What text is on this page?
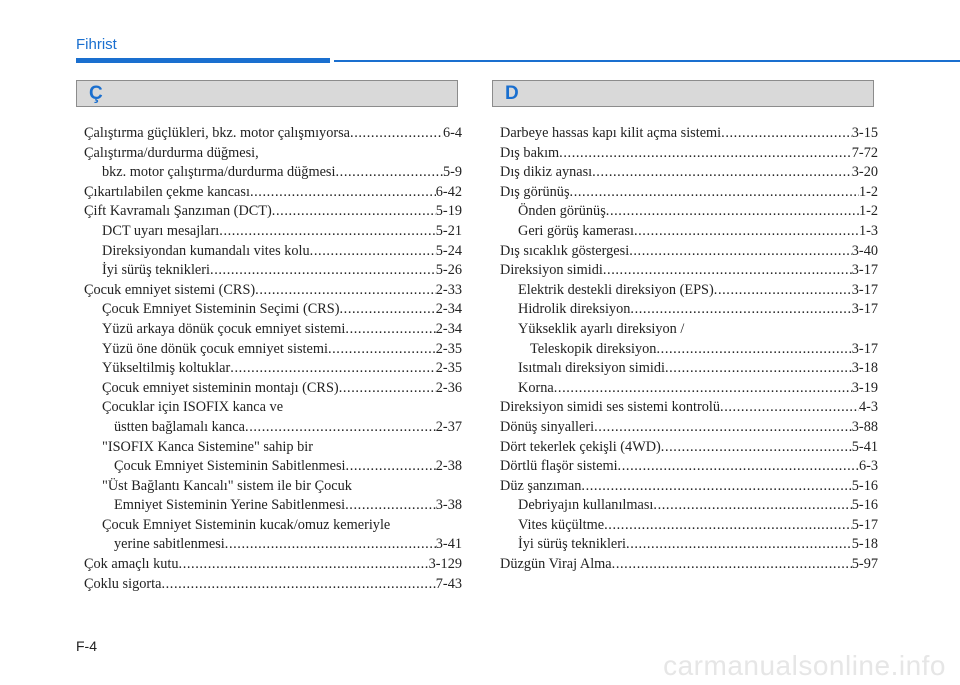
Fihrist
Ç	D
Çalıştırma güçlükleri, bkz. motor çalışmıyorsa .....	6-4
Çalıştırma/durdurma düğmesi,
bkz. motor çalıştırma/durdurma düğmesi .....	5-9
Çıkartılabilen çekme kancası .....	6-42
Çift Kavramalı Şanzıman (DCT) .....	5-19
DCT uyarı mesajları .....	5-21
Direksiyondan kumandalı vites kolu .....	5-24
İyi sürüş teknikleri .....	5-26
Çocuk emniyet sistemi (CRS) .....	2-33
Çocuk Emniyet Sisteminin Seçimi (CRS) .....	2-34
Yüzü arkaya dönük çocuk emniyet sistemi .....	2-34
Yüzü öne dönük çocuk emniyet sistemi .....	2-35
Yükseltilmiş koltuklar .....	2-35
Çocuk emniyet sisteminin montajı (CRS) .....	2-36
Çocuklar için ISOFIX kanca ve
üstten bağlamalı kanca .....	2-37
"ISOFIX Kanca Sistemine" sahip bir
Çocuk Emniyet Sisteminin Sabitlenmesi .....	2-38
"Üst Bağlantı Kancalı" sistem ile bir Çocuk
Emniyet Sisteminin Yerine Sabitlenmesi .....	3-38
Çocuk Emniyet Sisteminin kucak/omuz kemeriyle
yerine sabitlenmesi .....	3-41
Çok amaçlı kutu .....	3-129
Çoklu sigorta .....	7-43
Darbeye hassas kapı kilit açma sistemi .....	3-15
Dış bakım .....	7-72
Dış dikiz aynası .....	3-20
Dış görünüş .....	1-2
Önden görünüş .....	1-2
Geri görüş kamerası .....	1-3
Dış sıcaklık göstergesi .....	3-40
Direksiyon simidi .....	3-17
Elektrik destekli direksiyon (EPS) .....	3-17
Hidrolik direksiyon .....	3-17
Yükseklik ayarlı direksiyon /
Teleskopik direksiyon .....	3-17
Isıtmalı direksiyon simidi .....	3-18
Korna .....	3-19
Direksiyon simidi ses sistemi kontrolü .....	4-3
Dönüş sinyalleri .....	3-88
Dört tekerlek çekişli (4WD) .....	5-41
Dörtlü flaşör sistemi .....	6-3
Düz şanzıman .....	5-16
Debriyajın kullanılması .....	5-16
Vites küçültme .....	5-17
İyi sürüş teknikleri .....	5-18
Düzgün Viraj Alma .....	5-97
F-4
carmanualsonline.info
